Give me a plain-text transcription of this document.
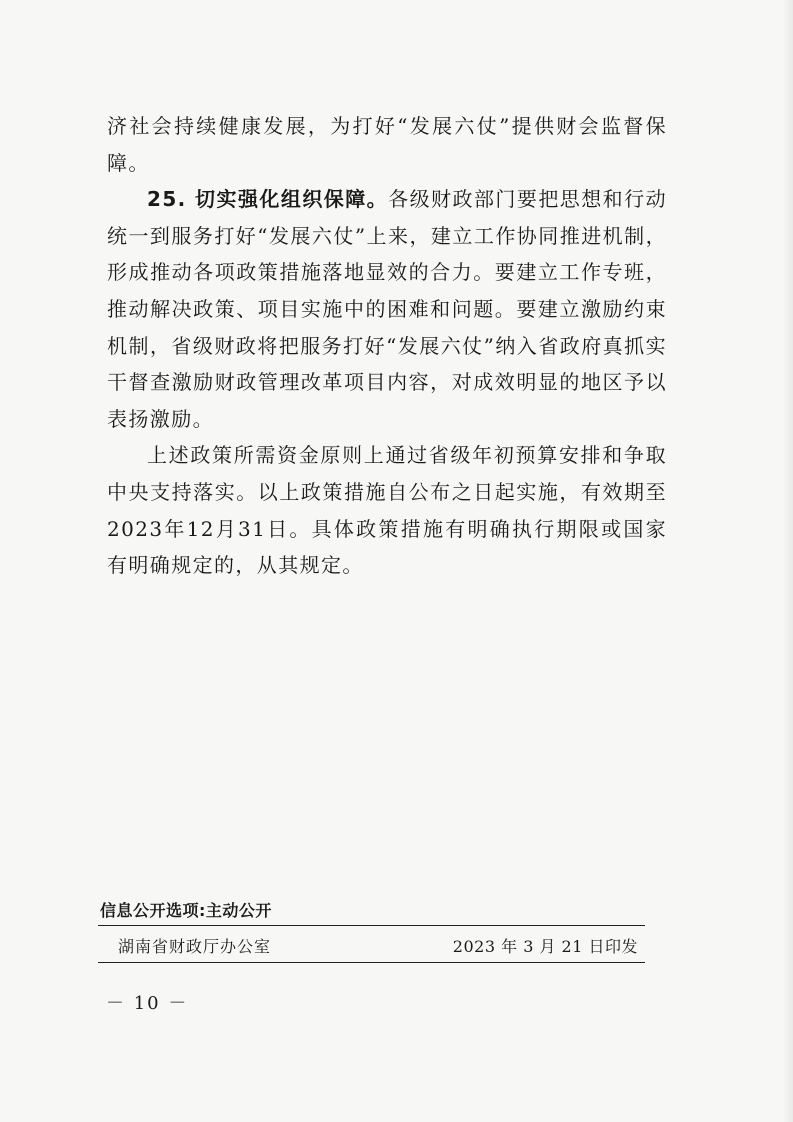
济社会持续健康发展，为打好“发展六仗”提供财会监督保障。

25. 切实强化组织保障。各级财政部门要把思想和行动统一到服务打好“发展六仗”上来，建立工作协同推进机制，形成推动各项政策措施落地显效的合力。要建立工作专班，推动解决政策、项目实施中的困难和问题。要建立激励约束机制，省级财政将把服务打好“发展六仗”纳入省政府真抓实干督查激励财政管理改革项目内容，对成效明显的地区予以表扬激励。

上述政策所需资金原则上通过省级年初预算安排和争取中央支持落实。以上政策措施自公布之日起实施，有效期至2023年12月31日。具体政策措施有明确执行期限或国家有明确规定的，从其规定。

信息公开选项:主动公开
湖南省财政厅办公室	2023 年 3 月 21 日印发
－ 10 －
